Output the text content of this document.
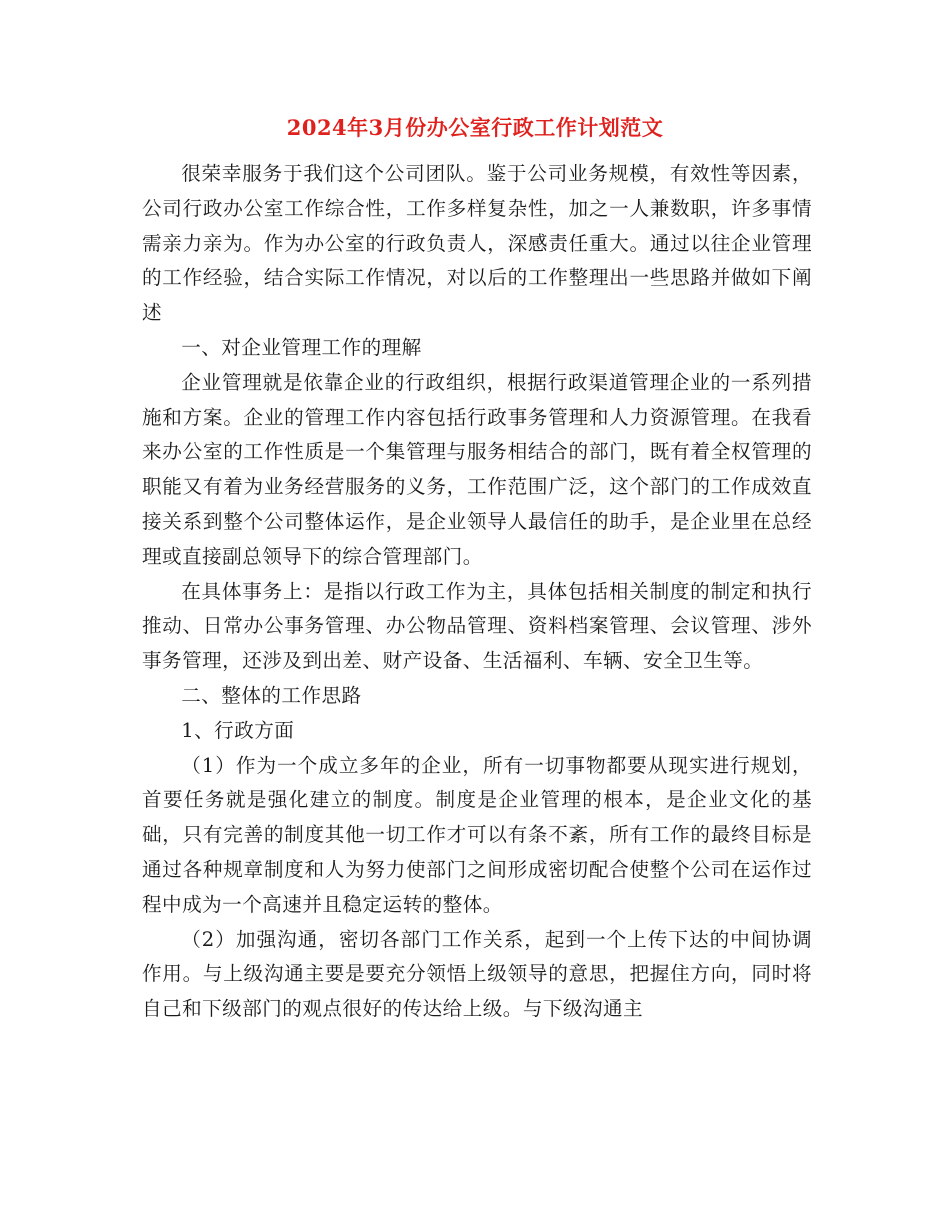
2024年3月份办公室行政工作计划范文

很荣幸服务于我们这个公司团队。鉴于公司业务规模，有效性等因素，公司行政办公室工作综合性，工作多样复杂性，加之一人兼数职，许多事情需亲力亲为。作为办公室的行政负责人，深感责任重大。通过以往企业管理的工作经验，结合实际工作情况，对以后的工作整理出一些思路并做如下阐述

一、对企业管理工作的理解

企业管理就是依靠企业的行政组织，根据行政渠道管理企业的一系列措施和方案。企业的管理工作内容包括行政事务管理和人力资源管理。在我看来办公室的工作性质是一个集管理与服务相结合的部门，既有着全权管理的职能又有着为业务经营服务的义务，工作范围广泛，这个部门的工作成效直接关系到整个公司整体运作，是企业领导人最信任的助手，是企业里在总经理或直接副总领导下的综合管理部门。

在具体事务上：是指以行政工作为主，具体包括相关制度的制定和执行推动、日常办公事务管理、办公物品管理、资料档案管理、会议管理、涉外事务管理，还涉及到出差、财产设备、生活福利、车辆、安全卫生等。

二、整体的工作思路

1、行政方面

（1）作为一个成立多年的企业，所有一切事物都要从现实进行规划，首要任务就是强化建立的制度。制度是企业管理的根本，是企业文化的基础，只有完善的制度其他一切工作才可以有条不紊，所有工作的最终目标是通过各种规章制度和人为努力使部门之间形成密切配合使整个公司在运作过程中成为一个高速并且稳定运转的整体。

（2）加强沟通，密切各部门工作关系，起到一个上传下达的中间协调作用。与上级沟通主要是要充分领悟上级领导的意思，把握住方向，同时将自己和下级部门的观点很好的传达给上级。与下级沟通主
